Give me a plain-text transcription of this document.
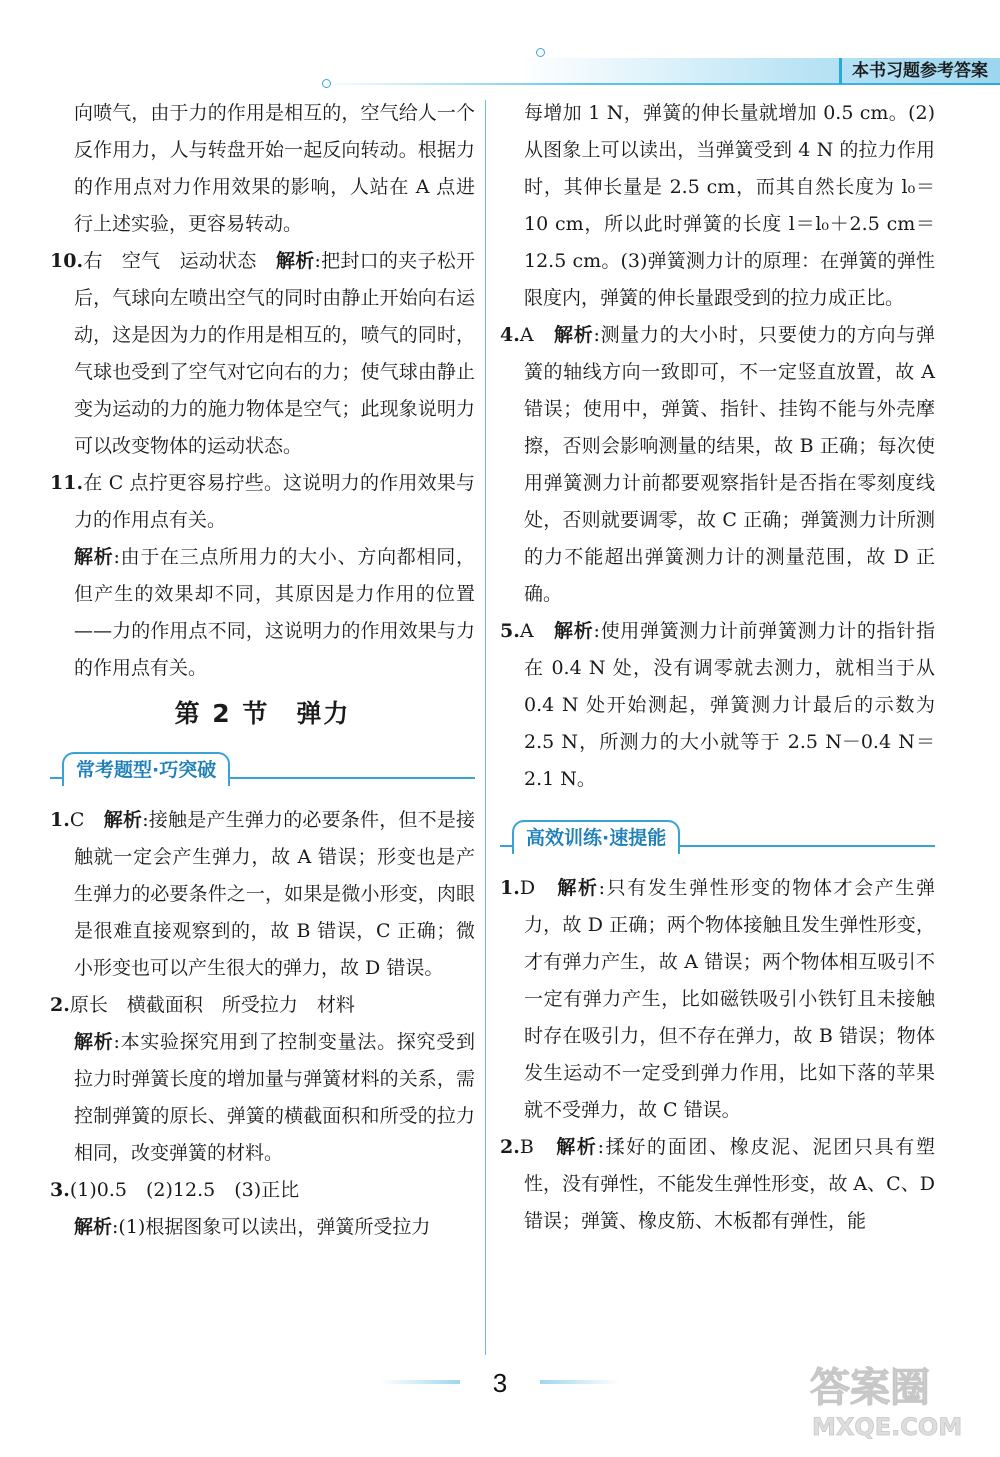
本书习题参考答案

向喷气，由于力的作用是相互的，空气给人一个反作用力，人与转盘开始一起反向转动。根据力的作用点对力作用效果的影响，人站在 A 点进行上述实验，更容易转动。

10.右　空气　运动状态　 解析:把封口的夹子松开后，气球向左喷出空气的同时由静止开始向右运动，这是因为力的作用是相互的，喷气的同时，气球也受到了空气对它向右的力；使气球由静止变为运动的力的施力物体是空气；此现象说明力可以改变物体的运动状态。

11.在 C 点拧更容易拧些。这说明力的作用效果与力的作用点有关。

解析:由于在三点所用力的大小、方向都相同，但产生的效果却不同，其原因是力作用的位置——力的作用点不同，这说明力的作用效果与力的作用点有关。

第 2 节　弹力
常考题型·巧突破

1.C　 解析:接触是产生弹力的必要条件，但不是接触就一定会产生弹力，故 A 错误；形变也是产生弹力的必要条件之一，如果是微小形变，肉眼是很难直接观察到的，故 B 错误，C 正确；微小形变也可以产生很大的弹力，故 D 错误。

2.原长　横截面积　所受拉力　材料

解析:本实验探究用到了控制变量法。探究受到拉力时弹簧长度的增加量与弹簧材料的关系，需控制弹簧的原长、弹簧的横截面积和所受的拉力相同，改变弹簧的材料。

3.(1)0.5　(2)12.5　(3)正比

解析:(1)根据图象可以读出，弹簧所受拉力

每增加 1 N，弹簧的伸长量就增加 0.5 cm。(2)从图象上可以读出，当弹簧受到 4 N 的拉力作用时，其伸长量是 2.5 cm，而其自然长度为 l₀＝10 cm，所以此时弹簧的长度 l＝l₀＋2.5 cm＝12.5 cm。(3)弹簧测力计的原理：在弹簧的弹性限度内，弹簧的伸长量跟受到的拉力成正比。

4.A　 解析:测量力的大小时，只要使力的方向与弹簧的轴线方向一致即可，不一定竖直放置，故 A 错误；使用中，弹簧、指针、挂钩不能与外壳摩擦，否则会影响测量的结果，故 B 正确；每次使用弹簧测力计前都要观察指针是否指在零刻度线处，否则就要调零，故 C 正确；弹簧测力计所测的力不能超出弹簧测力计的测量范围，故 D 正确。

5.A　 解析:使用弹簧测力计前弹簧测力计的指针指在 0.4 N 处，没有调零就去测力，就相当于从 0.4 N 处开始测起，弹簧测力计最后的示数为 2.5 N，所测力的大小就等于 2.5 N－0.4 N＝2.1 N。

高效训练·速提能

1.D　 解析:只有发生弹性形变的物体才会产生弹力，故 D 正确；两个物体接触且发生弹性形变，才有弹力产生，故 A 错误；两个物体相互吸引不一定有弹力产生，比如磁铁吸引小铁钉且未接触时存在吸引力，但不存在弹力，故 B 错误；物体发生运动不一定受到弹力作用，比如下落的苹果就不受弹力，故 C 错误。

2.B　 解析:揉好的面团、橡皮泥、泥团只具有塑性，没有弹性，不能发生弹性形变，故 A、C、D 错误；弹簧、橡皮筋、木板都有弹性，能

3	答案圈
MXQE.COM
